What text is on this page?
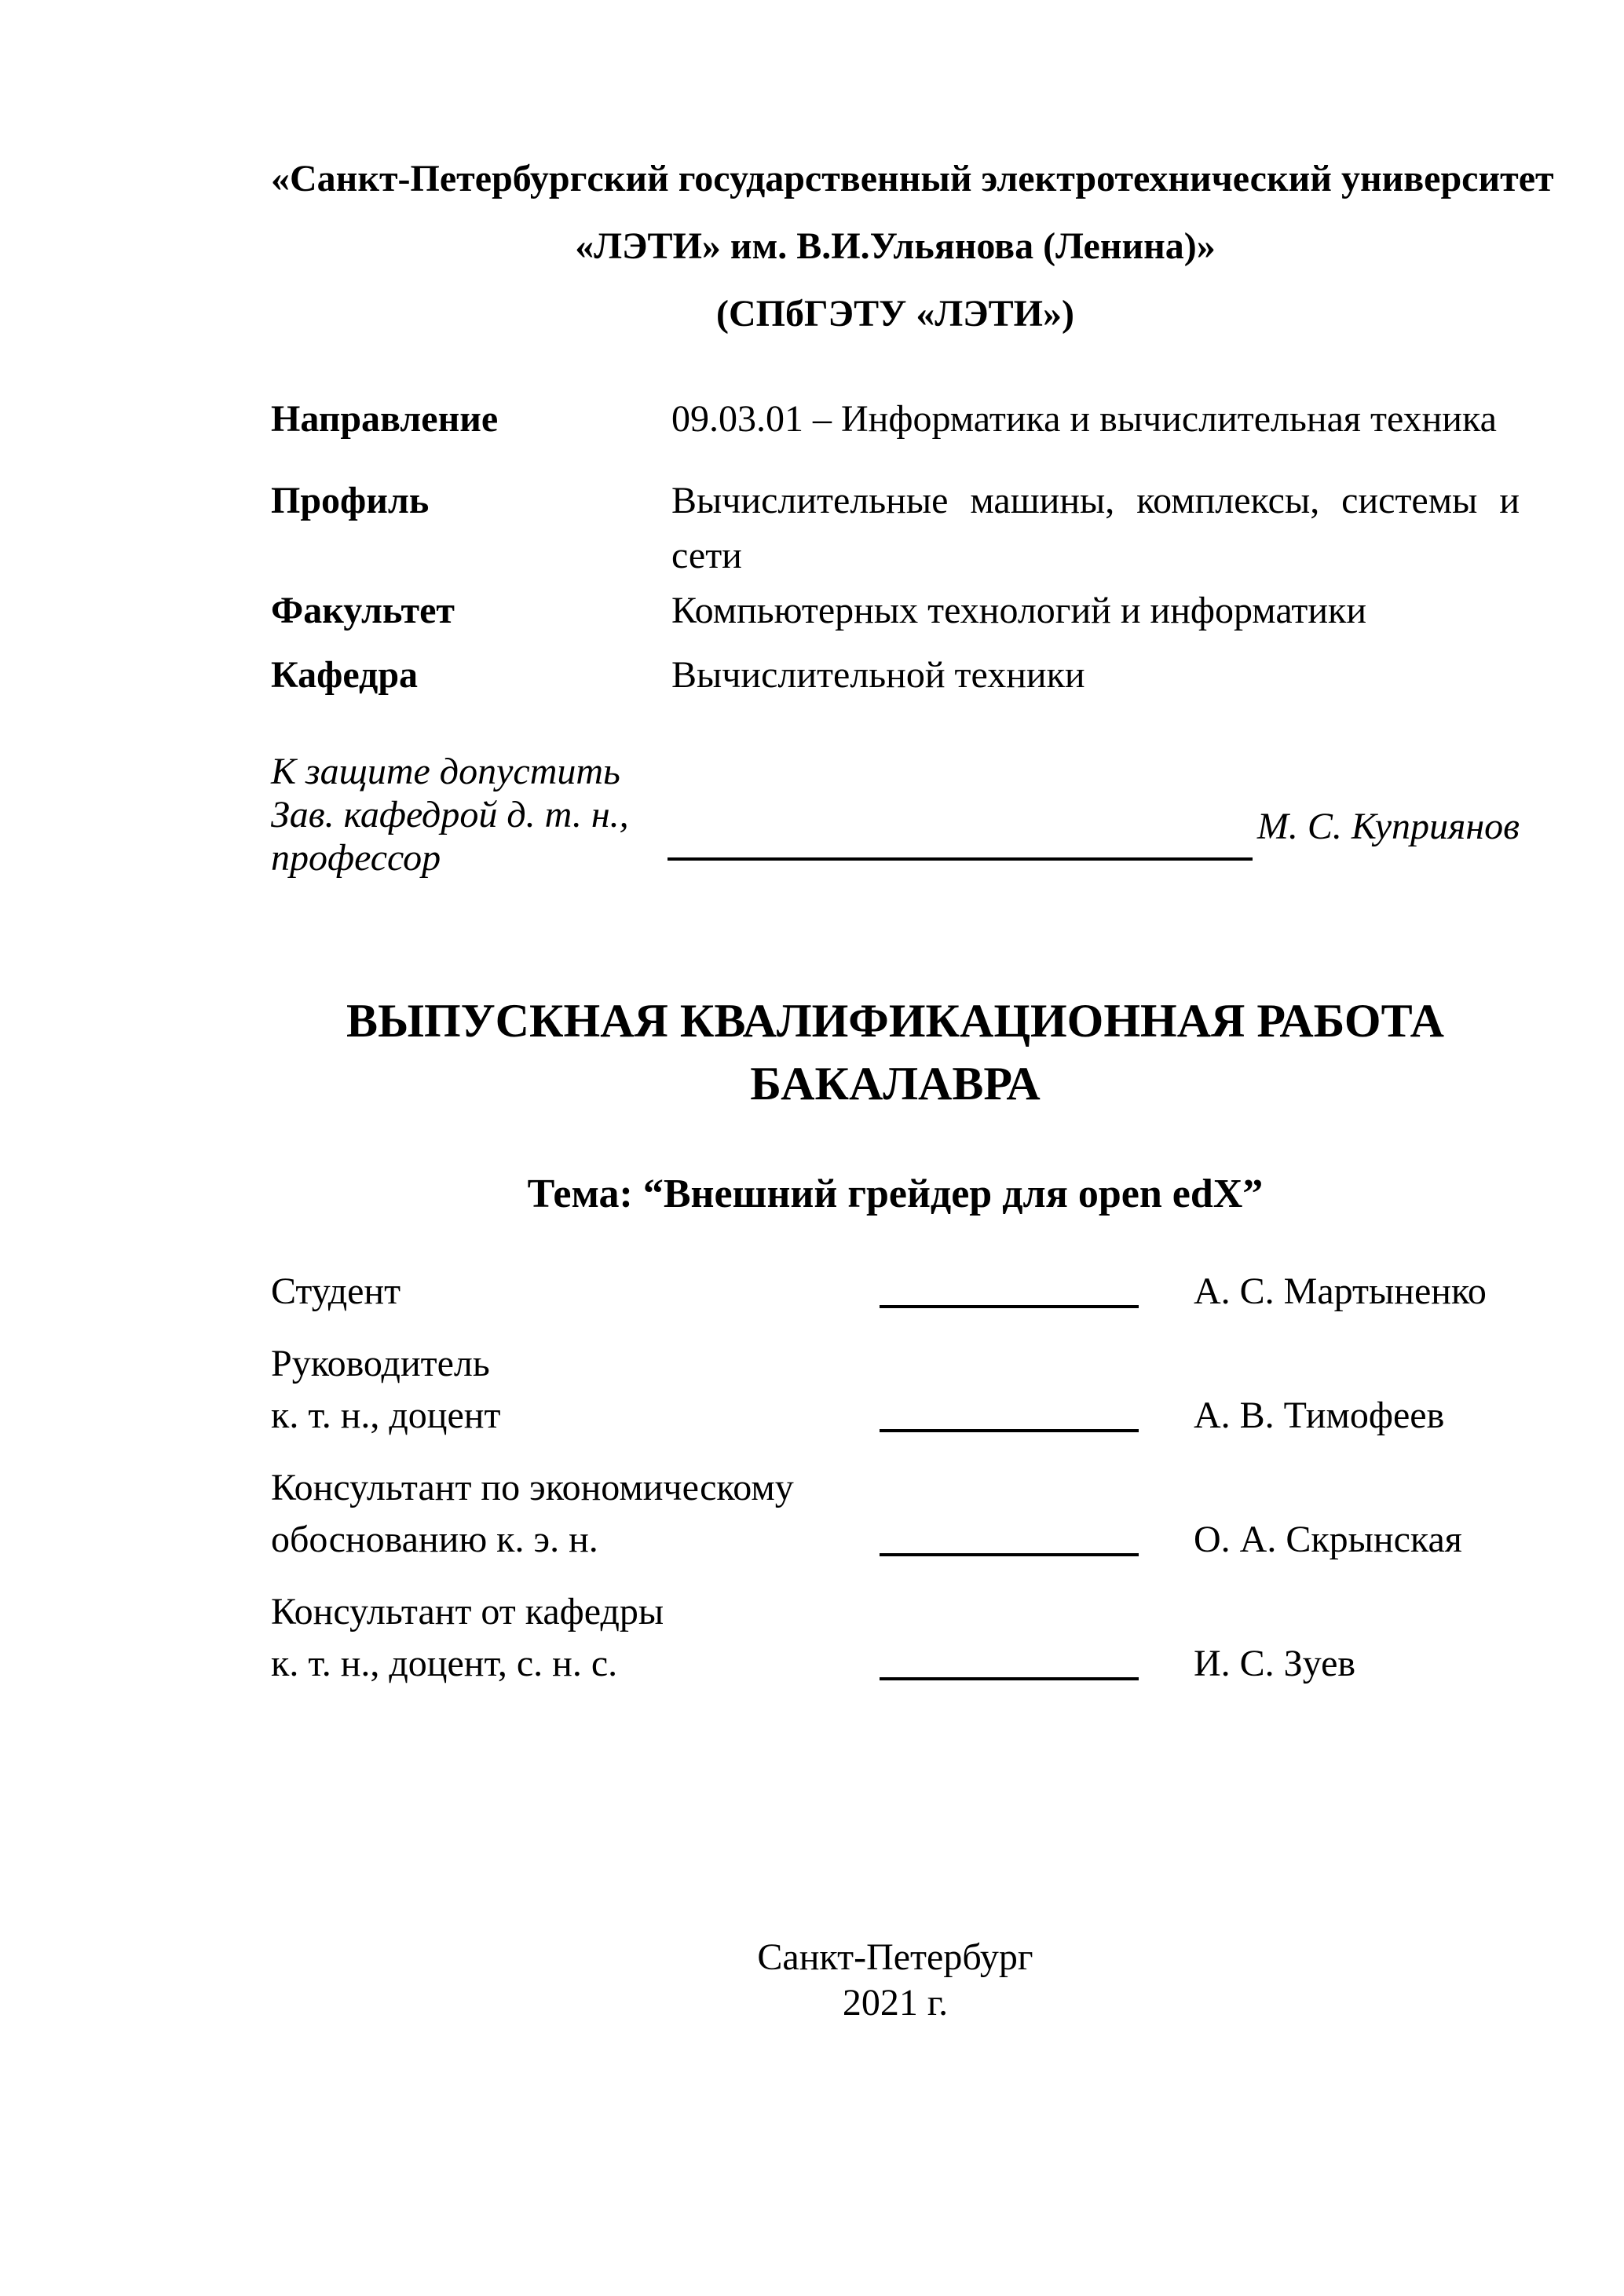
«Санкт-Петербургский государственный электротехнический университет
«ЛЭТИ» им. В.И.Ульянова (Ленина)»
(СПбГЭТУ «ЛЭТИ»)
Направление	09.03.01 – Информатика и вычислительная техника
Профиль	Вычислительные машины, комплексы, системы и
сети
Факультет	Компьютерных технологий и информатики
Кафедра	Вычислительной техники
К защите допустить
Зав. кафедрой д. т. н.,
профессор
М. С. Куприянов
ВЫПУСКНАЯ КВАЛИФИКАЦИОННАЯ РАБОТА
БАКАЛАВРА
Тема: “Внешний грейдер для open edX”
Студент	А. С. Мартыненко
Руководитель
к. т. н., доцент	А. В. Тимофеев
Консультант по экономическому
обоснованию к. э. н.	О. А. Скрынская
Консультант от кафедры
к. т. н., доцент, с. н. с.	И. С. Зуев
Санкт-Петербург
2021 г.
